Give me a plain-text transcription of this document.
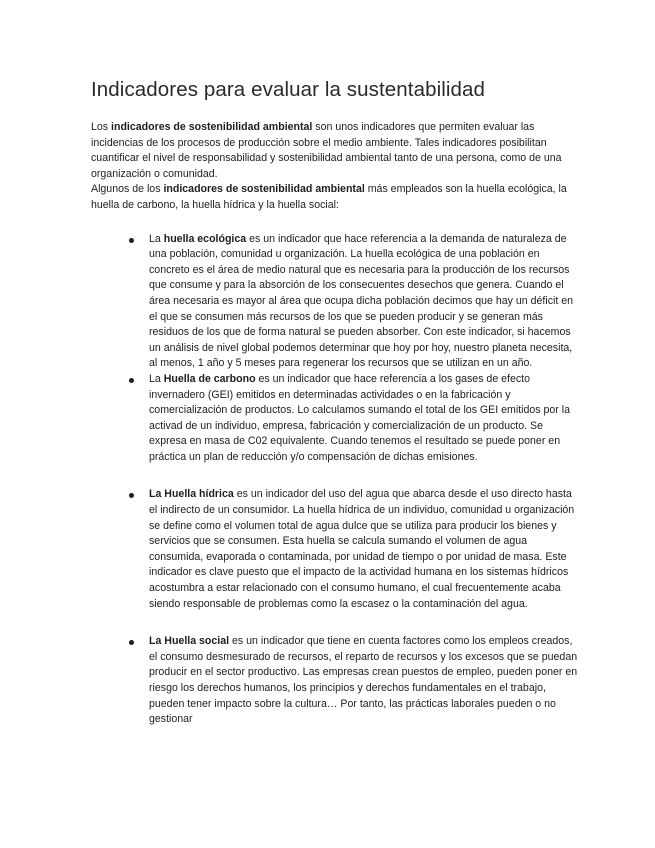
Indicadores para evaluar la sustentabilidad

Los indicadores de sostenibilidad ambiental son unos indicadores que permiten evaluar las incidencias de los procesos de producción sobre el medio ambiente. Tales indicadores posibilitan cuantificar el nivel de responsabilidad y sostenibilidad ambiental tanto de una persona, como de una organización o comunidad.

Algunos de los indicadores de sostenibilidad ambiental más empleados son la huella ecológica, la huella de carbono, la huella hídrica y la huella social:

La huella ecológica es un indicador que hace referencia a la demanda de naturaleza de una población, comunidad u organización. La huella ecológica de una población en concreto es el área de medio natural que es necesaria para la producción de los recursos que consume y para la absorción de los consecuentes desechos que genera. Cuando el área necesaria es mayor al área que ocupa dicha población decimos que hay un déficit en el que se consumen más recursos de los que se pueden producir y se generan más residuos de los que de forma natural se pueden absorber. Con este indicador, si hacemos un análisis de nivel global podemos determinar que hoy por hoy, nuestro planeta necesita, al menos, 1 año y 5 meses para regenerar los recursos que se utilizan en un año.
La Huella de carbono es un indicador que hace referencia a los gases de efecto invernadero (GEI) emitidos en determinadas actividades o en la fabricación y comercialización de productos. Lo calculamos sumando el total de los GEI emitidos por la activad de un individuo, empresa, fabricación y comercialización de un producto. Se expresa en masa de C02 equivalente. Cuando tenemos el resultado se puede poner en práctica un plan de reducción y/o compensación de dichas emisiones.
La Huella hídrica es un indicador del uso del agua que abarca desde el uso directo hasta el indirecto de un consumidor. La huella hídrica de un individuo, comunidad u organización se define como el volumen total de agua dulce que se utiliza para producir los bienes y servicios que se consumen. Esta huella se calcula sumando el volumen de agua consumida, evaporada o contaminada, por unidad de tiempo o por unidad de masa. Este indicador es clave puesto que el impacto de la actividad humana en los sistemas hídricos acostumbra a estar relacionado con el consumo humano, el cual frecuentemente acaba siendo responsable de problemas como la escasez o la contaminación del agua.
La Huella social es un indicador que tiene en cuenta factores como los empleos creados, el consumo desmesurado de recursos, el reparto de recursos y los excesos que se puedan producir en el sector productivo. Las empresas crean puestos de empleo, pueden poner en riesgo los derechos humanos, los principios y derechos fundamentales en el trabajo, pueden tener impacto sobre la cultura… Por tanto, las prácticas laborales pueden o no gestionar
